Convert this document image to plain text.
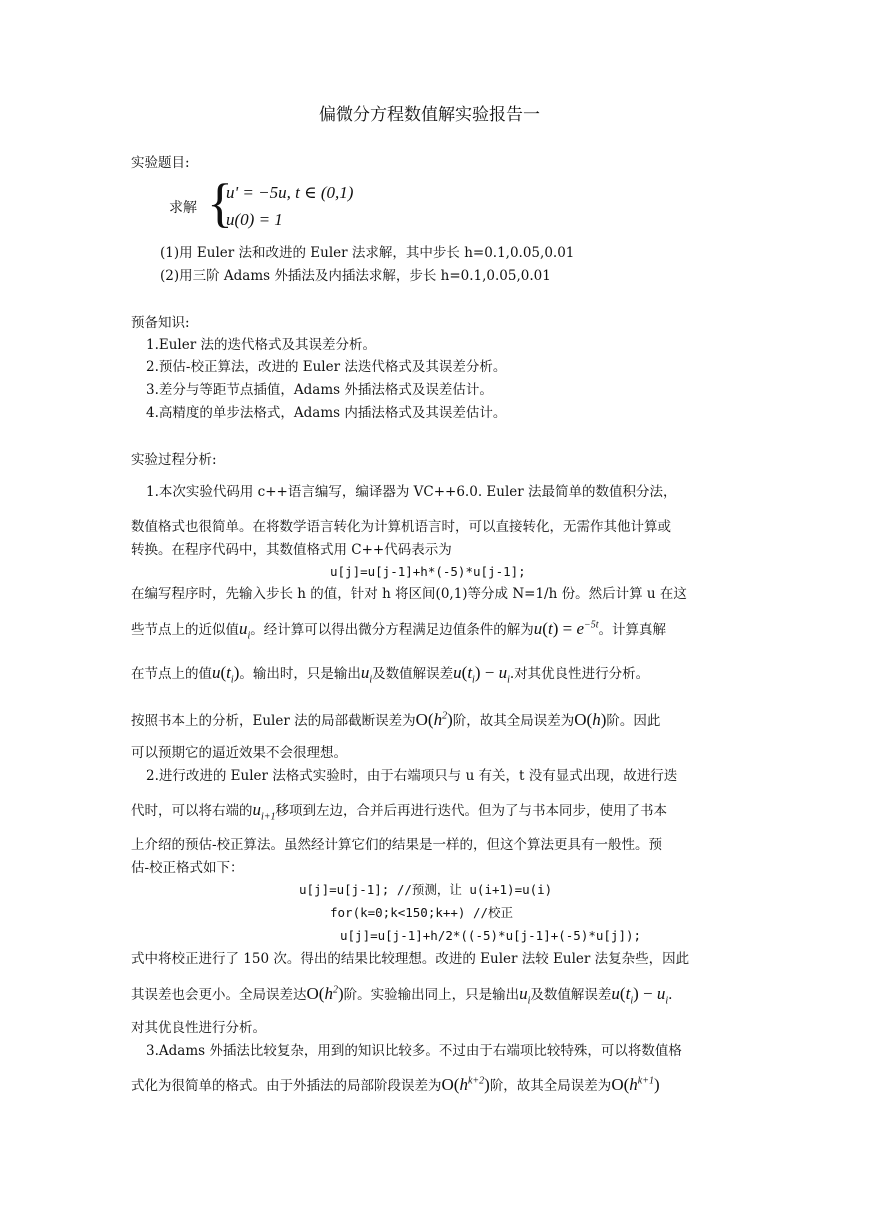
偏微分方程数值解实验报告一
实验题目:
求解 {
u' = −5u, t ∈ (0,1)
u(0) = 1
(1)用 Euler 法和改进的 Euler 法求解，其中步长 h=0.1,0.05,0.01
(2)用三阶 Adams 外插法及内插法求解，步长 h=0.1,0.05,0.01
预备知识:
1.Euler 法的迭代格式及其误差分析。
2.预估-校正算法，改进的 Euler 法迭代格式及其误差分析。
3.差分与等距节点插值，Adams 外插法格式及误差估计。
4.高精度的单步法格式，Adams 内插法格式及其误差估计。
实验过程分析:
1.本次实验代码用 c++语言编写，编译器为 VC++6.0. Euler 法最简单的数值积分法，
数值格式也很简单。在将数学语言转化为计算机语言时，可以直接转化，无需作其他计算或
转换。在程序代码中，其数值格式用 C++代码表示为
u[j]=u[j-1]+h*(-5)*u[j-1];
在编写程序时，先输入步长 h 的值，针对 h 将区间(0,1)等分成 N=1/h 份。然后计算 u 在这
些节点上的近似值$u_i$。经计算可以得出微分方程满足边值条件的解为$u(t) = e^{-5t}$。计算真解
在节点上的值$u(t_i)$。输出时，只是输出$u_i$及数值解误差$u(t_i) - u_i$.对其优良性进行分析。
按照书本上的分析，Euler 法的局部截断误差为$O(h^2)$阶，故其全局误差为O(h)阶。因此
可以预期它的逼近效果不会很理想。
2.进行改进的 Euler 法格式实验时，由于右端项只与 u 有关，t 没有显式出现，故进行迭
代时，可以将右端的$u_{i+1}$移项到左边，合并后再进行迭代。但为了与书本同步，使用了书本
上介绍的预估-校正算法。虽然经计算它们的结果是一样的，但这个算法更具有一般性。预
估-校正格式如下：
u[j]=u[j-1]; //预测，让 u(i+1)=u(i)
for(k=0;k<150;k++) //校正
u[j]=u[j-1]+h/2*((-5)*u[j-1]+(-5)*u[j]);
式中将校正进行了 150 次。得出的结果比较理想。改进的 Euler 法较 Euler 法复杂些，因此
其误差也会更小。全局误差达$O(h^2)$阶。实验输出同上，只是输出$u_i$及数值解误差$u(t_i) - u_i$.
对其优良性进行分析。
3.Adams 外插法比较复杂，用到的知识比较多。不过由于右端项比较特殊，可以将数值格
式化为很简单的格式。由于外插法的局部阶段误差为$O(h^{k+2})$阶，故其全局误差为$O(h^{k+1})$
